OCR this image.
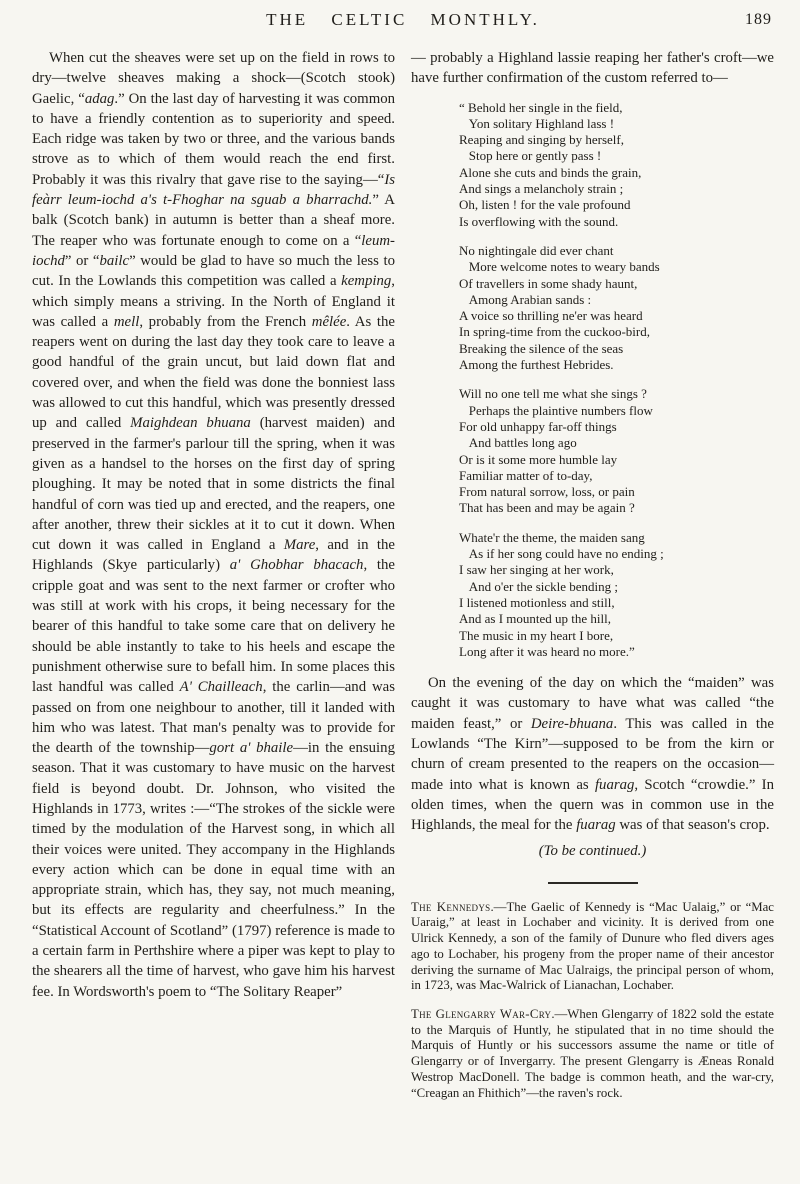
THE CELTIC MONTHLY.	189

When cut the sheaves were set up on the field in rows to dry—twelve sheaves making a shock—(Scotch stook) Gaelic, “adag.” On the last day of harvesting it was common to have a friendly contention as to superiority and speed. Each ridge was taken by two or three, and the various bands strove as to which of them would reach the end first. Probably it was this rivalry that gave rise to the saying—“Is feàrr leum-iochd a's t-Fhoghar na sguab a bharrachd.” A balk (Scotch bank) in autumn is better than a sheaf more. The reaper who was fortunate enough to come on a “leum-iochd” or “bailc” would be glad to have so much the less to cut. In the Lowlands this competition was called a kemping, which simply means a striving. In the North of England it was called a mell, probably from the French mêlée. As the reapers went on during the last day they took care to leave a good handful of the grain uncut, but laid down flat and covered over, and when the field was done the bonniest lass was allowed to cut this handful, which was presently dressed up and called Maighdean bhuana (harvest maiden) and preserved in the farmer's parlour till the spring, when it was given as a handsel to the horses on the first day of spring ploughing. It may be noted that in some districts the final handful of corn was tied up and erected, and the reapers, one after another, threw their sickles at it to cut it down. When cut down it was called in England a Mare, and in the Highlands (Skye particularly) a' Ghobhar bhacach, the cripple goat and was sent to the next farmer or crofter who was still at work with his crops, it being necessary for the bearer of this handful to take some care that on delivery he should be able instantly to take to his heels and escape the punishment otherwise sure to befall him. In some places this last handful was called A' Chailleach, the carlin—and was passed on from one neighbour to another, till it landed with him who was latest. That man's penalty was to provide for the dearth of the township—gort a' bhaile—in the ensuing season. That it was customary to have music on the harvest field is beyond doubt. Dr. Johnson, who visited the Highlands in 1773, writes :—“The strokes of the sickle were timed by the modulation of the Harvest song, in which all their voices were united. They accompany in the Highlands every action which can be done in equal time with an appropriate strain, which has, they say, not much meaning, but its effects are regularity and cheerfulness.” In the “Statistical Account of Scotland” (1797) reference is made to a certain farm in Perthshire where a piper was kept to play to the shearers all the time of harvest, who gave him his harvest fee. In Wordsworth's poem to “The Solitary Reaper”

— probably a Highland lassie reaping her father's croft—we have further confirmation of the custom referred to—

“ Behold her single in the field,
Yon solitary Highland lass !
Reaping and singing by herself,
Stop here or gently pass !
Alone she cuts and binds the grain,
And sings a melancholy strain ;
Oh, listen ! for the vale profound
Is overflowing with the sound.
No nightingale did ever chant
More welcome notes to weary bands
Of travellers in some shady haunt,
Among Arabian sands :
A voice so thrilling ne'er was heard
In spring-time from the cuckoo-bird,
Breaking the silence of the seas
Among the furthest Hebrides.
Will no one tell me what she sings ?
Perhaps the plaintive numbers flow
For old unhappy far-off things
And battles long ago
Or is it some more humble lay
Familiar matter of to-day,
From natural sorrow, loss, or pain
That has been and may be again ?
Whate'r the theme, the maiden sang
As if her song could have no ending ;
I saw her singing at her work,
And o'er the sickle bending ;
I listened motionless and still,
And as I mounted up the hill,
The music in my heart I bore,
Long after it was heard no more.”

On the evening of the day on which the “maiden” was caught it was customary to have what was called “the maiden feast,” or Deire-bhuana. This was called in the Lowlands “The Kirn”—supposed to be from the kirn or churn of cream presented to the reapers on the occasion—made into what is known as fuarag, Scotch “crowdie.” In olden times, when the quern was in common use in the Highlands, the meal for the fuarag was of that season's crop.

(To be continued.)

The Kennedys.—The Gaelic of Kennedy is “Mac Ualaig,” or “Mac Uaraig,” at least in Lochaber and vicinity. It is derived from one Ulrick Kennedy, a son of the family of Dunure who fled divers ages ago to Lochaber, his progeny from the proper name of their ancestor deriving the surname of Mac Ualraigs, the principal person of whom, in 1723, was Mac-Walrick of Lianachan, Lochaber.

The Glengarry War-Cry.—When Glengarry of 1822 sold the estate to the Marquis of Huntly, he stipulated that in no time should the Marquis of Huntly or his successors assume the name or title of Glengarry or of Invergarry. The present Glengarry is Æneas Ronald Westrop MacDonell. The badge is common heath, and the war-cry, “Creagan an Fhithich”—the raven's rock.
